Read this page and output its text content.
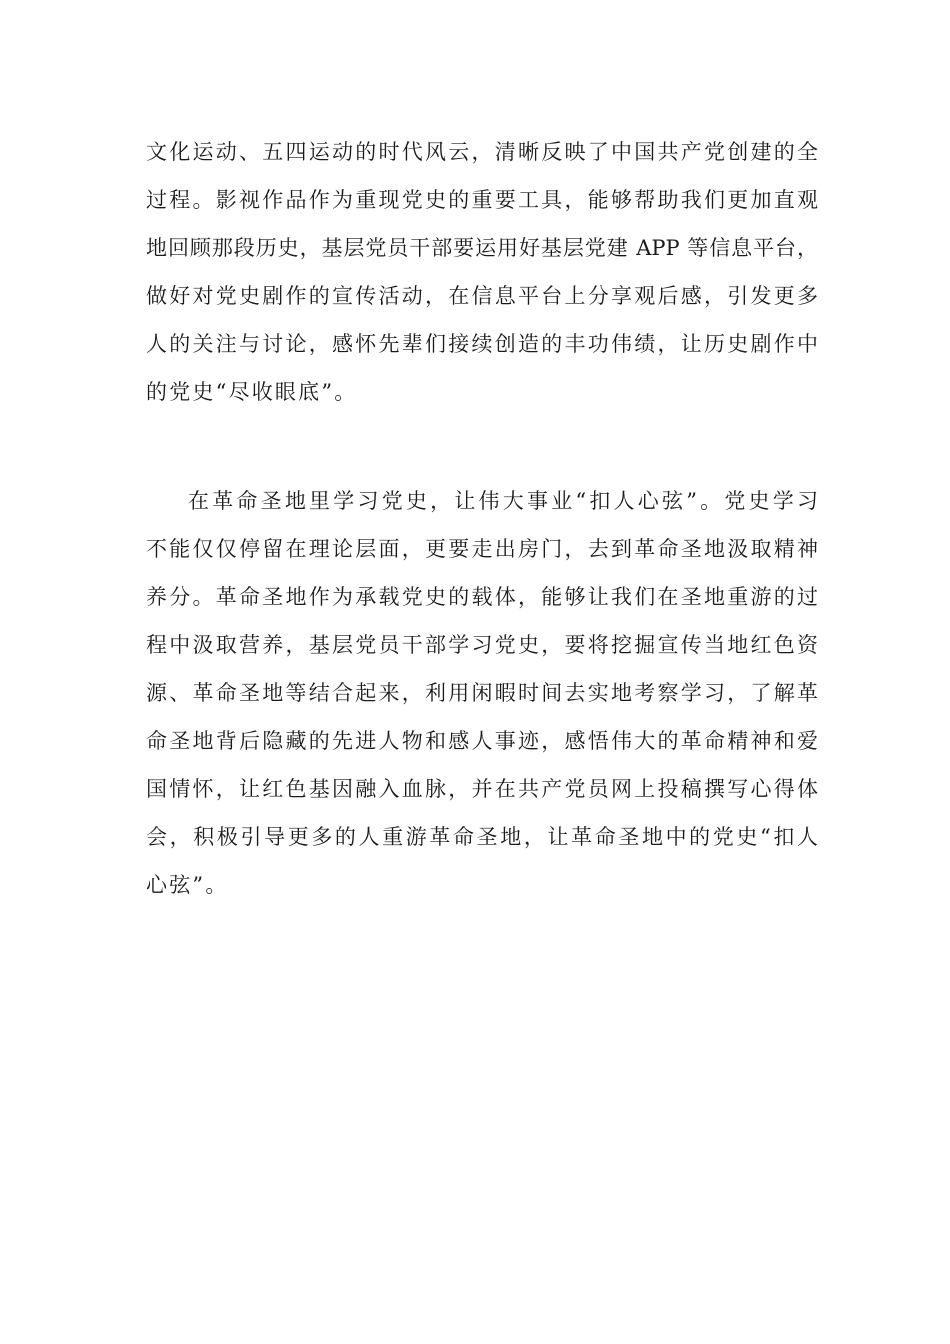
文化运动、五四运动的时代风云，清晰反映了中国共产党创建的全
过程。影视作品作为重现党史的重要工具，能够帮助我们更加直观
地回顾那段历史，基层党员干部要运用好基层党建 APP 等信息平台，
做好对党史剧作的宣传活动，在信息平台上分享观后感，引发更多
人的关注与讨论，感怀先辈们接续创造的丰功伟绩，让历史剧作中
的党史“尽收眼底”。
在革命圣地里学习党史，让伟大事业“扣人心弦”。党史学习
不能仅仅停留在理论层面，更要走出房门，去到革命圣地汲取精神
养分。革命圣地作为承载党史的载体，能够让我们在圣地重游的过
程中汲取营养，基层党员干部学习党史，要将挖掘宣传当地红色资
源、革命圣地等结合起来，利用闲暇时间去实地考察学习，了解革
命圣地背后隐藏的先进人物和感人事迹，感悟伟大的革命精神和爱
国情怀，让红色基因融入血脉，并在共产党员网上投稿撰写心得体
会，积极引导更多的人重游革命圣地，让革命圣地中的党史“扣人
心弦”。
